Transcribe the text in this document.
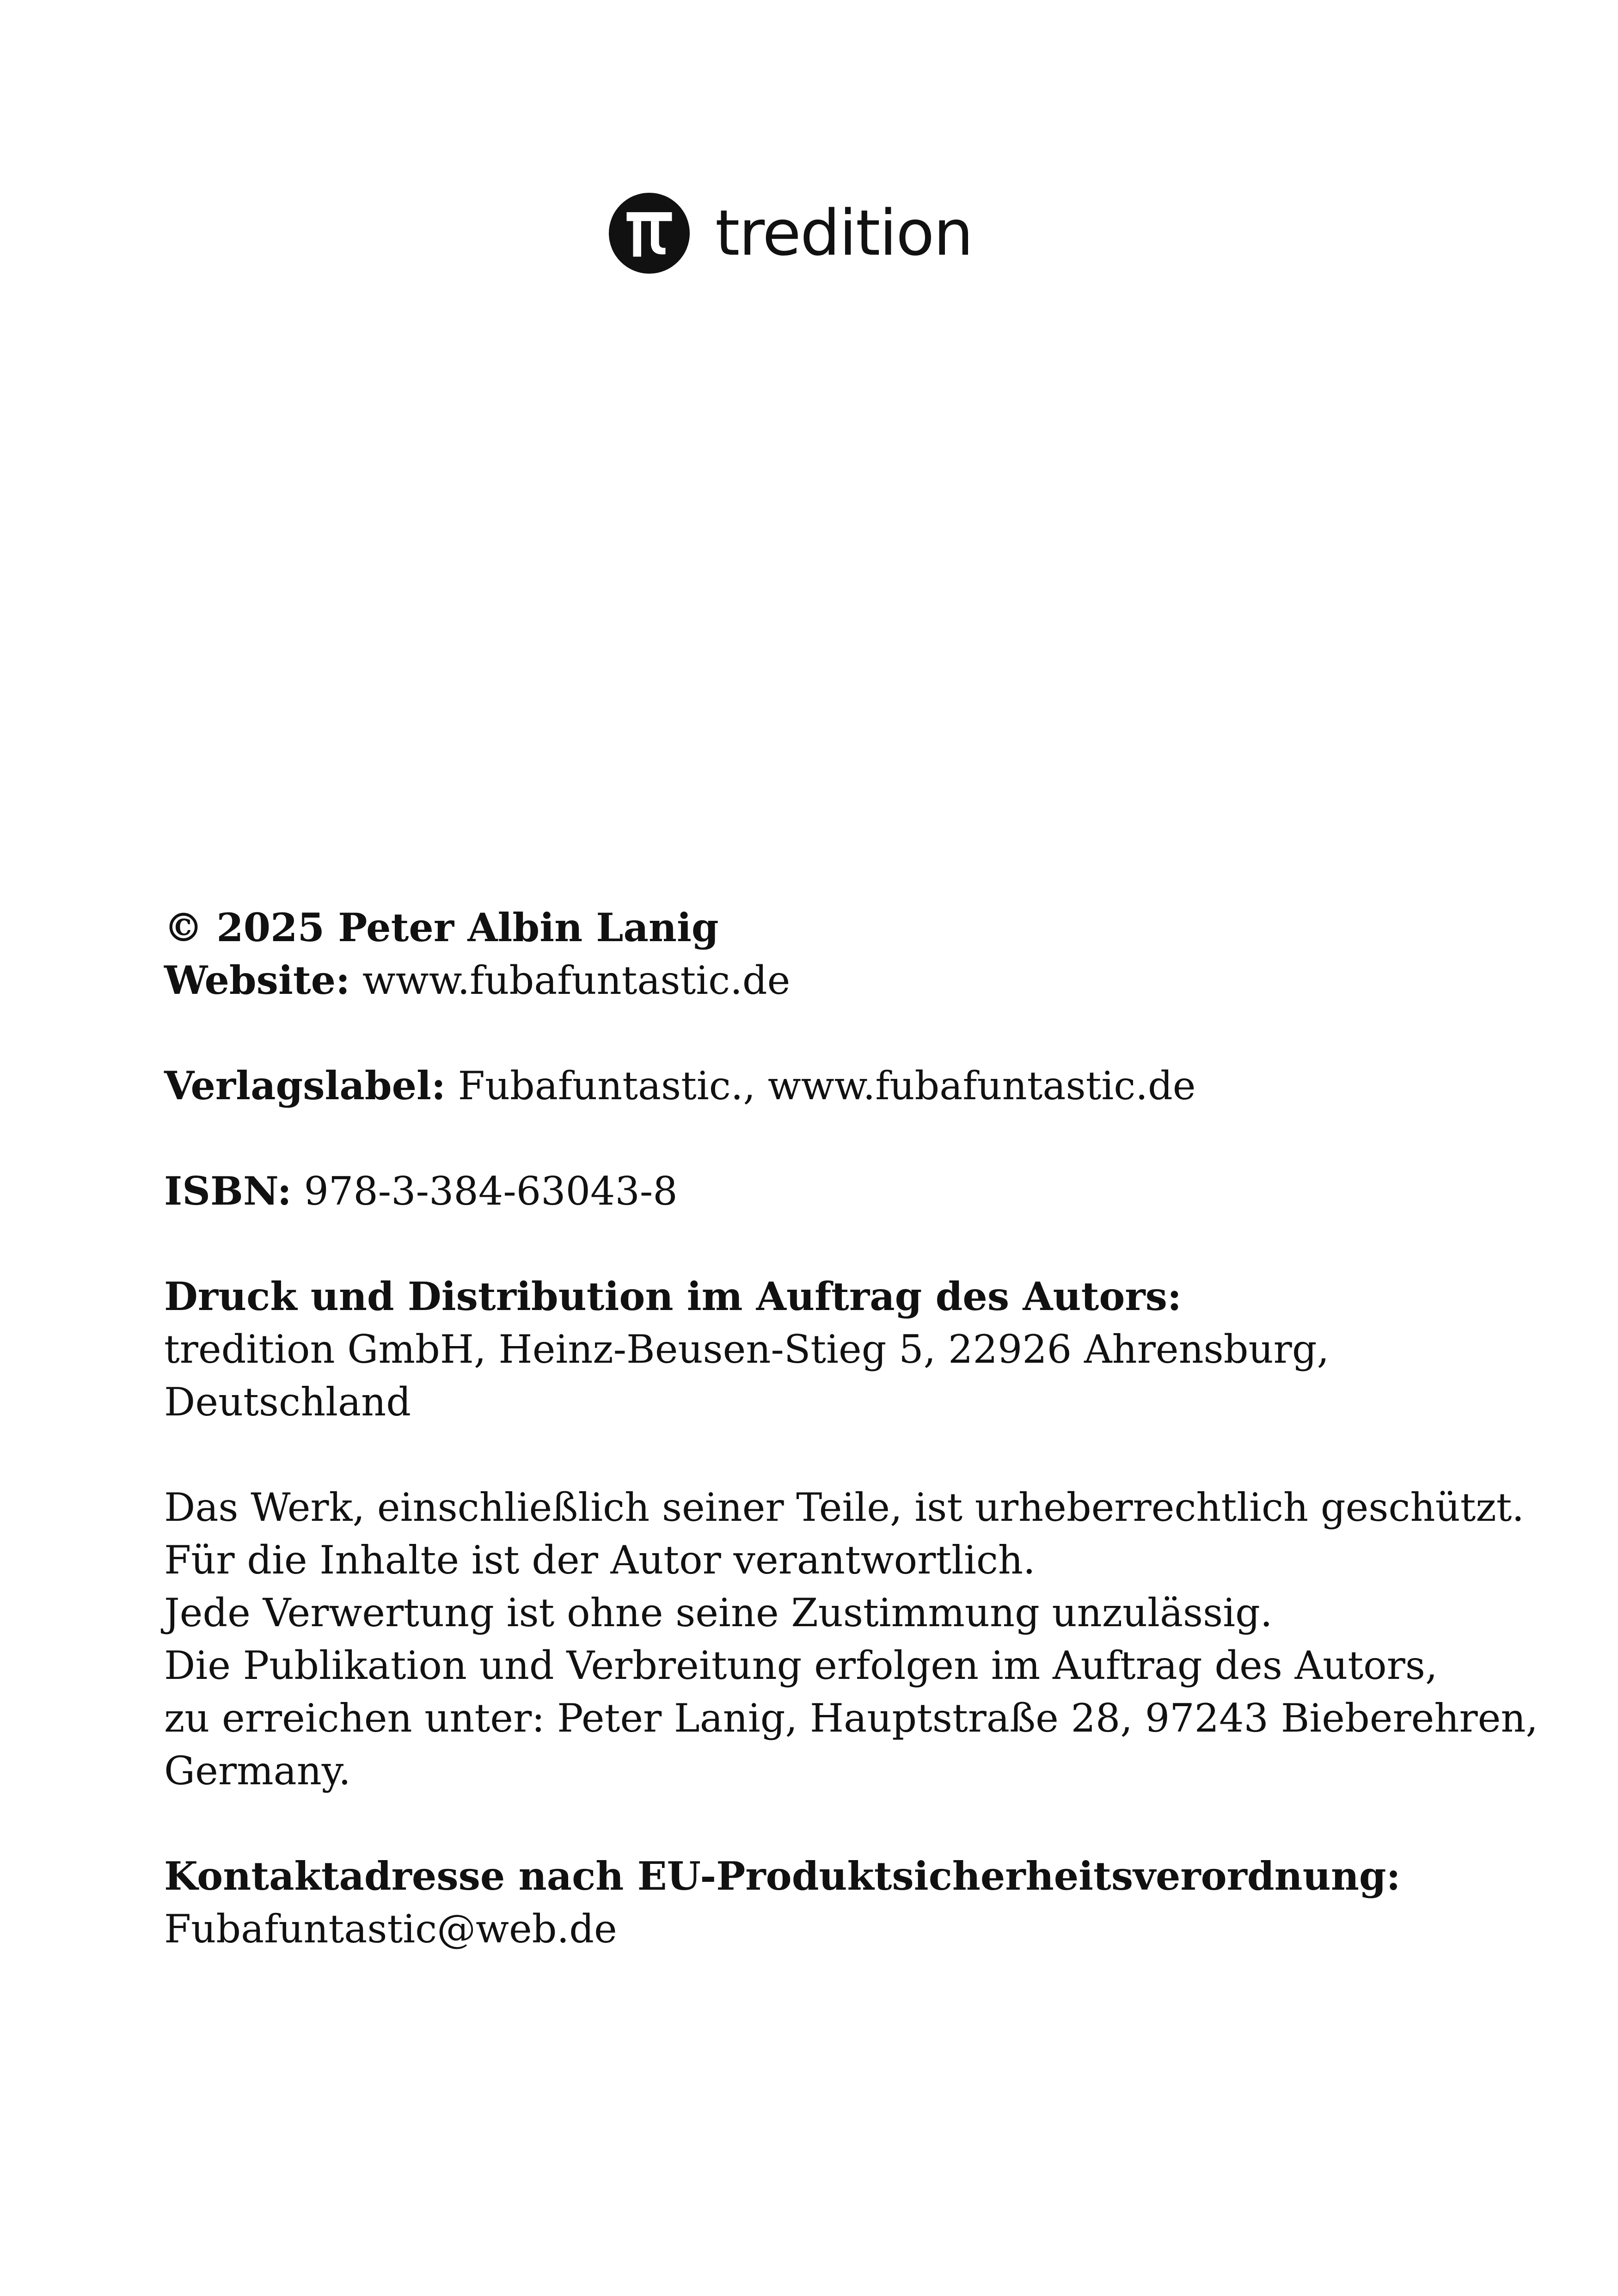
tredition
© 2025 Peter Albin Lanig
Website: www.fubafuntastic.de
Verlagslabel: Fubafuntastic., www.fubafuntastic.de
ISBN: 978-3-384-63043-8
Druck und Distribution im Auftrag des Autors:
tredition GmbH, Heinz-Beusen-Stieg 5, 22926 Ahrensburg,
Deutschland
Das Werk, einschließlich seiner Teile, ist urheberrechtlich geschützt.
Für die Inhalte ist der Autor verantwortlich.
Jede Verwertung ist ohne seine Zustimmung unzulässig.
Die Publikation und Verbreitung erfolgen im Auftrag des Autors,
zu erreichen unter: Peter Lanig, Hauptstraße 28, 97243 Bieberehren,
Germany.
Kontaktadresse nach EU-Produktsicherheitsverordnung:
Fubafuntastic@web.de
